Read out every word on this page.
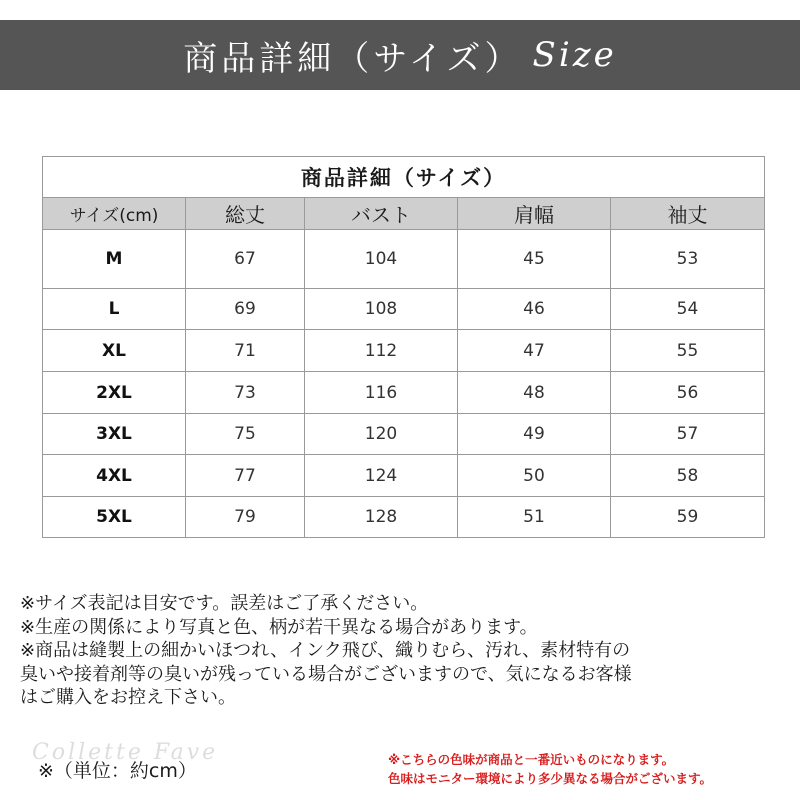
商品詳細（サイズ） Size
商品詳細（サイズ）				
サイズ(cm)	総丈	バスト	肩幅	袖丈
M	67	104	45	53
L	69	108	46	54
XL	71	112	47	55
2XL	73	116	48	56
3XL	75	120	49	57
4XL	77	124	50	58
5XL	79	128	51	59

※サイズ表記は目安です。誤差はご了承ください。

※生産の関係により写真と色、柄が若干異なる場合があります。

※商品は縫製上の細かいほつれ、インク飛び、織りむら、汚れ、素材特有の

臭いや接着剤等の臭いが残っている場合がございますので、気になるお客様

はご購入をお控え下さい。

Collette Fave
※（単位：約cm）

※こちらの色味が商品と一番近いものになります。

色味はモニター環境により多少異なる場合がございます。
